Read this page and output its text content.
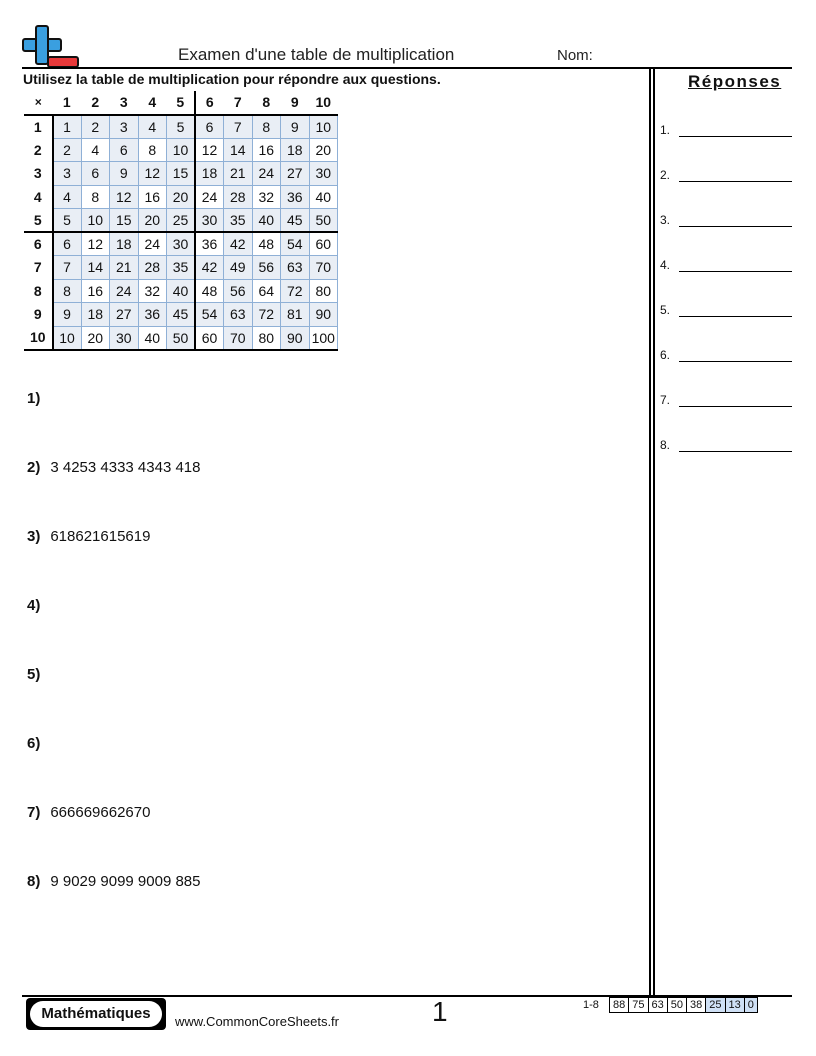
Examen d'une table de multiplication	Nom:
Utilisez la table de multiplication pour répondre aux questions.	Réponses
×	1	2	3	4	5	6	7	8	9	10
1	1	2	3	4	5	6	7	8	9	10
2	2	4	6	8	10	12	14	16	18	20
3	3	6	9	12	15	18	21	24	27	30
4	4	8	12	16	20	24	28	32	36	40
5	5	10	15	20	25	30	35	40	45	50
6	6	12	18	24	30	36	42	48	54	60
7	7	14	21	28	35	42	49	56	63	70
8	8	16	24	32	40	48	56	64	72	80
9	9	18	27	36	45	54	63	72	81	90
10	10	20	30	40	50	60	70	80	90	100
1)
2) 3 4253 4333 4343 418
3) 618621615619
4)
5)
6)
7) 666669662670
8) 9 9029 9099 9009 885
1.
2.
3.
4.
5.
6.
7.
8.
Mathématiques	www.CommonCoreSheets.fr	1	1-8 88	75	63	50	38	25	13	0
